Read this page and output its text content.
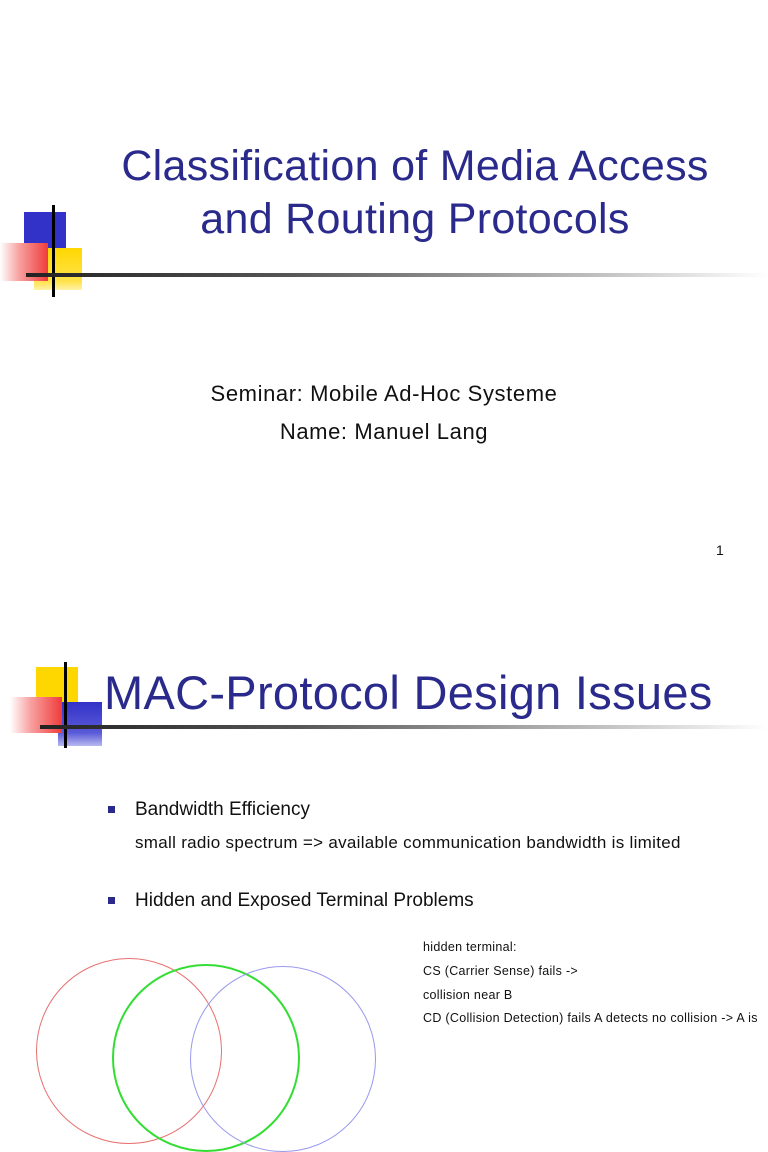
Classification of Media Access
and Routing Protocols
Seminar: Mobile Ad-Hoc Systeme
Name: Manuel Lang
1
MAC-Protocol Design Issues
Bandwidth Efficiency
small radio spectrum => available communication bandwidth is limited
Hidden and Exposed Terminal Problems
hidden terminal:
CS (Carrier Sense) fails ->
collision near B
CD (Collision Detection) fails A detects no collision -> A is
